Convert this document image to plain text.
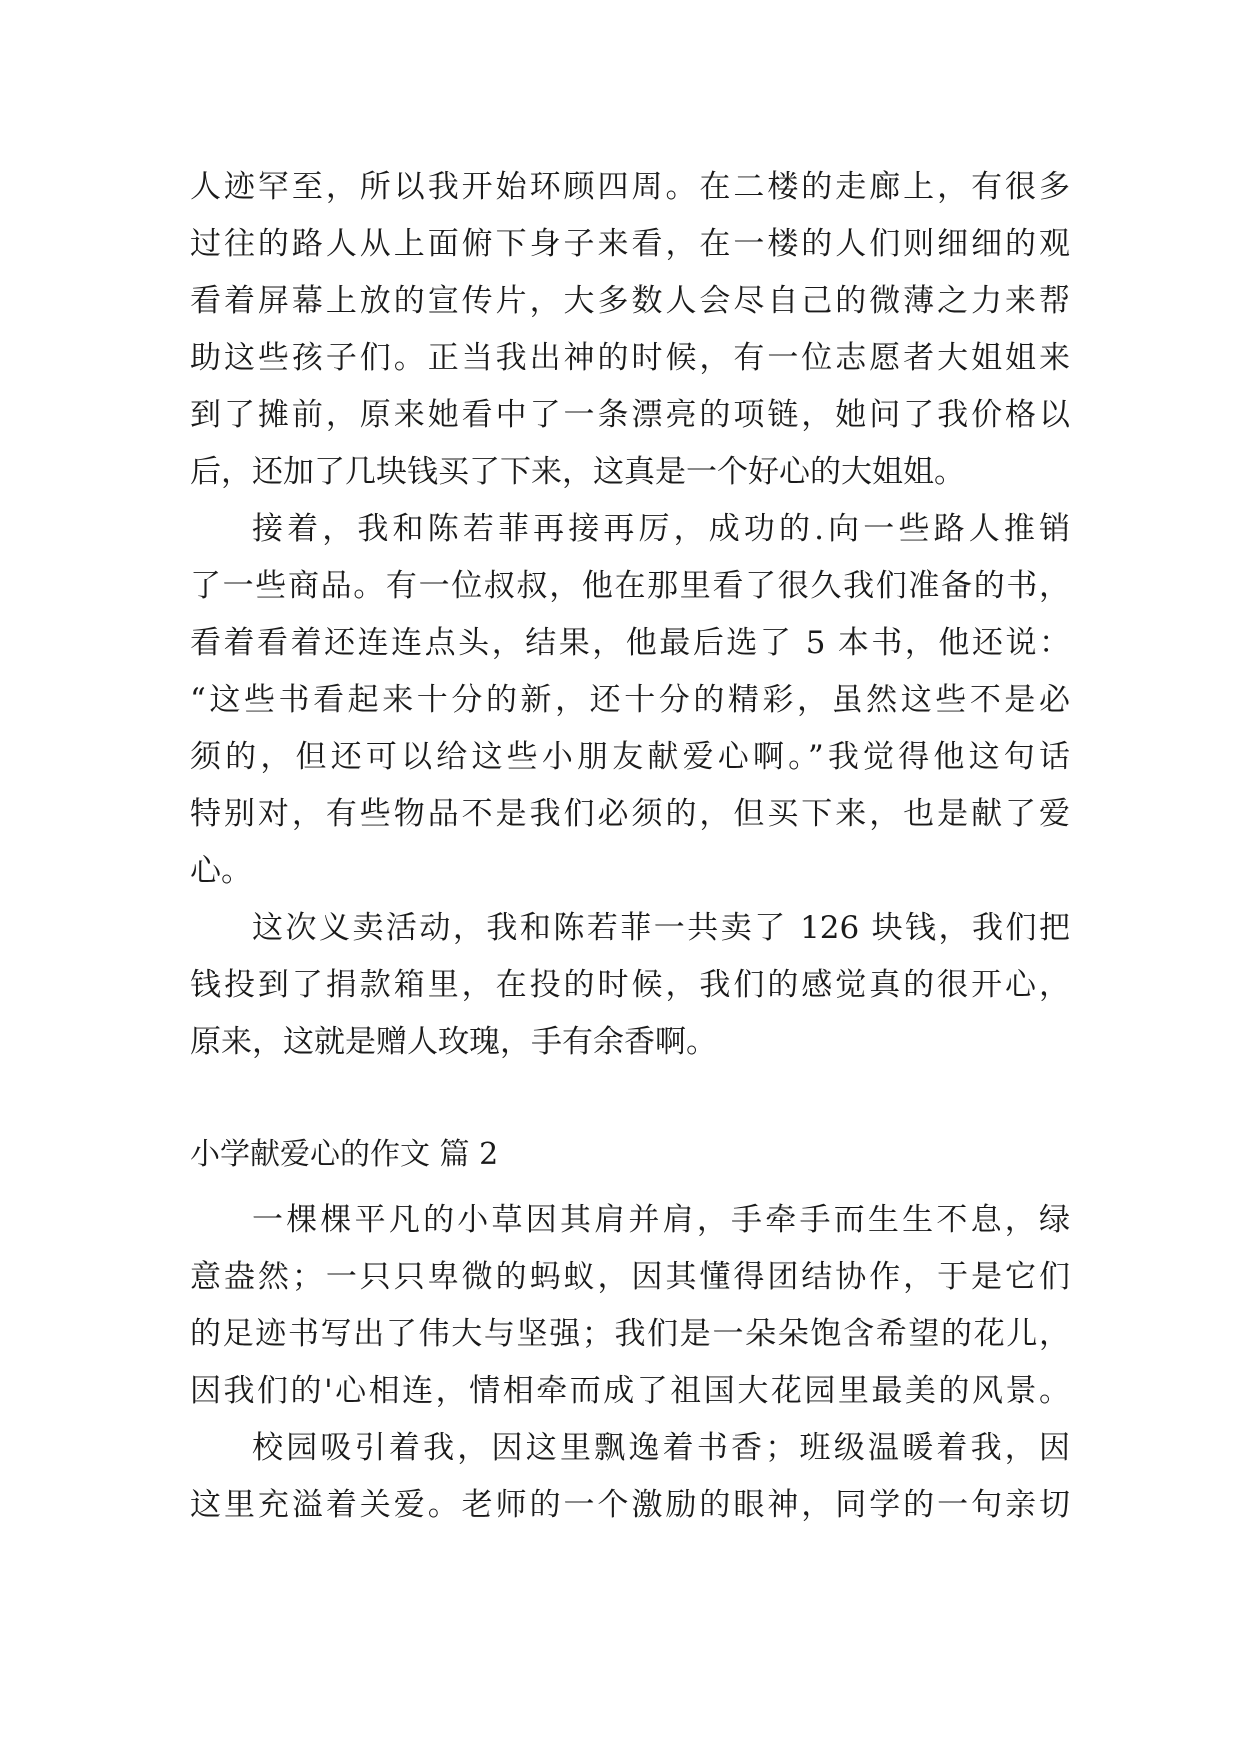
人迹罕至，所以我开始环顾四周。在二楼的走廊上，有很多
过往的路人从上面俯下身子来看，在一楼的人们则细细的观
看着屏幕上放的宣传片，大多数人会尽自己的微薄之力来帮
助这些孩子们。正当我出神的时候，有一位志愿者大姐姐来
到了摊前，原来她看中了一条漂亮的项链，她问了我价格以
后，还加了几块钱买了下来，这真是一个好心的大姐姐。
接着，我和陈若菲再接再厉，成功的.向一些路人推销
了一些商品。有一位叔叔，他在那里看了很久我们准备的书，
看着看着还连连点头，结果，他最后选了 5 本书，他还说：
“这些书看起来十分的新，还十分的精彩，虽然这些不是必
须的，但还可以给这些小朋友献爱心啊。”我觉得他这句话
特别对，有些物品不是我们必须的，但买下来，也是献了爱
心。
这次义卖活动，我和陈若菲一共卖了 126 块钱，我们把
钱投到了捐款箱里，在投的时候，我们的感觉真的很开心，
原来，这就是赠人玫瑰，手有余香啊。
小学献爱心的作文 篇 2
一棵棵平凡的小草因其肩并肩，手牵手而生生不息，绿
意盎然；一只只卑微的蚂蚁，因其懂得团结协作，于是它们
的足迹书写出了伟大与坚强；我们是一朵朵饱含希望的花儿，
因我们的'心相连，情相牵而成了祖国大花园里最美的风景。
校园吸引着我，因这里飘逸着书香；班级温暖着我，因
这里充溢着关爱。老师的一个激励的眼神，同学的一句亲切
